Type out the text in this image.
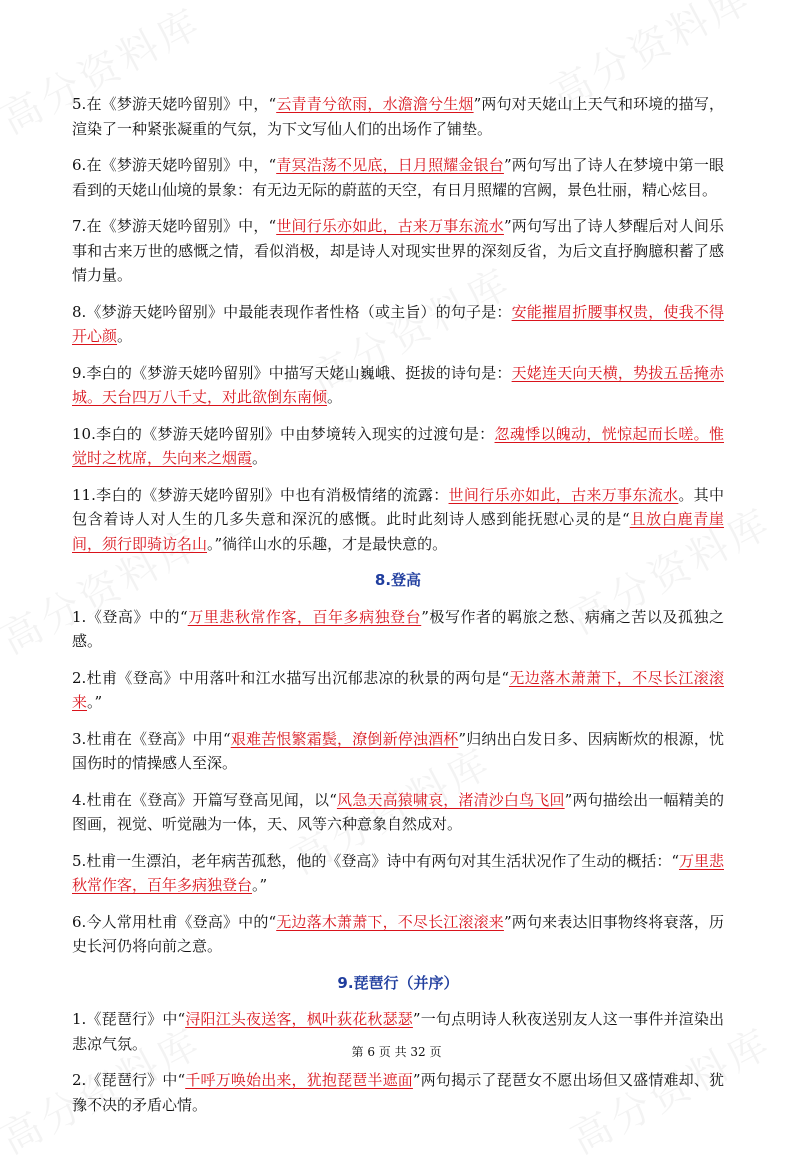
5.在《梦游天姥吟留别》中，“云青青兮欲雨，水澹澹兮生烟”两句对天姥山上天气和环境的描写，渲染了一种紧张凝重的气氛，为下文写仙人们的出场作了铺垫。

6.在《梦游天姥吟留别》中，“青冥浩荡不见底，日月照耀金银台”两句写出了诗人在梦境中第一眼看到的天姥山仙境的景象：有无边无际的蔚蓝的天空，有日月照耀的宫阙，景色壮丽，精心炫目。

7.在《梦游天姥吟留别》中，“世间行乐亦如此，古来万事东流水”两句写出了诗人梦醒后对人间乐事和古来万世的感慨之情，看似消极，却是诗人对现实世界的深刻反省，为后文直抒胸臆积蓄了感情力量。

8.《梦游天姥吟留别》中最能表现作者性格（或主旨）的句子是：安能摧眉折腰事权贵，使我不得开心颜。

9.李白的《梦游天姥吟留别》中描写天姥山巍峨、挺拔的诗句是：天姥连天向天横，势拔五岳掩赤城。天台四万八千丈，对此欲倒东南倾。

10.李白的《梦游天姥吟留别》中由梦境转入现实的过渡句是：忽魂悸以魄动，恍惊起而长嗟。惟觉时之枕席，失向来之烟霞。

11.李白的《梦游天姥吟留别》中也有消极情绪的流露：世间行乐亦如此，古来万事东流水。其中包含着诗人对人生的几多失意和深沉的感慨。此时此刻诗人感到能抚慰心灵的是“且放白鹿青崖间，须行即骑访名山。”徜徉山水的乐趣，才是最快意的。

8.登高

1.《登高》中的“万里悲秋常作客，百年多病独登台”极写作者的羁旅之愁、病痛之苦以及孤独之感。

2.杜甫《登高》中用落叶和江水描写出沉郁悲凉的秋景的两句是“无边落木萧萧下，不尽长江滚滚来。”

3.杜甫在《登高》中用“艰难苦恨繁霜鬓，潦倒新停浊酒杯”归纳出白发日多、因病断炊的根源，忧国伤时的情操感人至深。

4.杜甫在《登高》开篇写登高见闻，以“风急天高猿啸哀，渚清沙白鸟飞回”两句描绘出一幅精美的图画，视觉、听觉融为一体，天、风等六种意象自然成对。

5.杜甫一生漂泊，老年病苦孤愁，他的《登高》诗中有两句对其生活状况作了生动的概括：“万里悲秋常作客，百年多病独登台。”

6.今人常用杜甫《登高》中的“无边落木萧萧下，不尽长江滚滚来”两句来表达旧事物终将衰落，历史长河仍将向前之意。

9.琵琶行（并序）

1.《琵琶行》中“浔阳江头夜送客，枫叶荻花秋瑟瑟”一句点明诗人秋夜送别友人这一事件并渲染出悲凉气氛。

2.《琵琶行》中“千呼万唤始出来，犹抱琵琶半遮面”两句揭示了琵琶女不愿出场但又盛情难却、犹豫不决的矛盾心情。

第 6 页 共 32 页
